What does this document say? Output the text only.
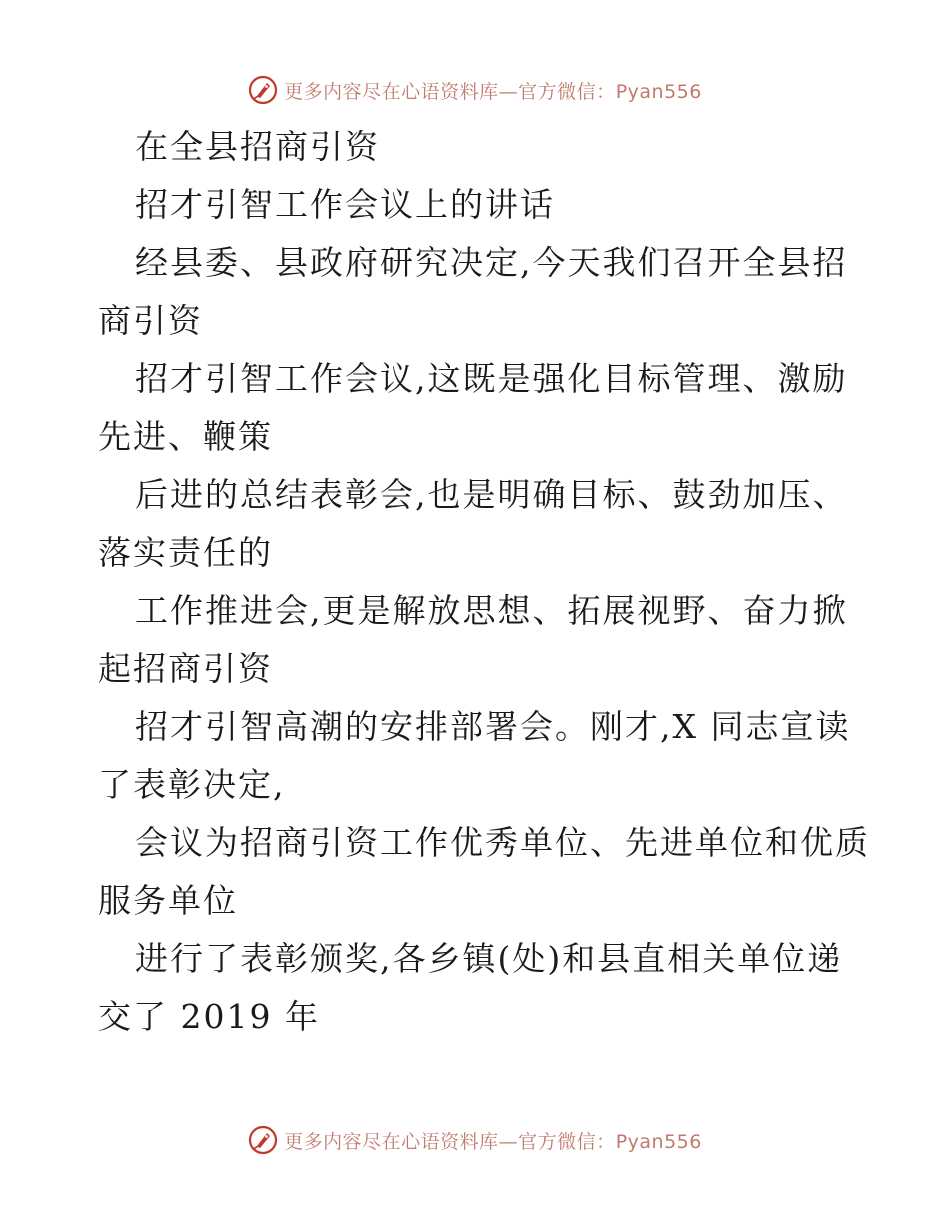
更多内容尽在心语资料库—官方微信：Pyan556
在全县招商引资
招才引智工作会议上的讲话
经县委、县政府研究决定,今天我们召开全县招
商引资
招才引智工作会议,这既是强化目标管理、激励
先进、鞭策
后进的总结表彰会,也是明确目标、鼓劲加压、
落实责任的
工作推进会,更是解放思想、拓展视野、奋力掀
起招商引资
招才引智高潮的安排部署会。刚才,X 同志宣读
了表彰决定,
会议为招商引资工作优秀单位、先进单位和优质
服务单位
进行了表彰颁奖,各乡镇(处)和县直相关单位递
交了 2019 年
更多内容尽在心语资料库—官方微信：Pyan556
